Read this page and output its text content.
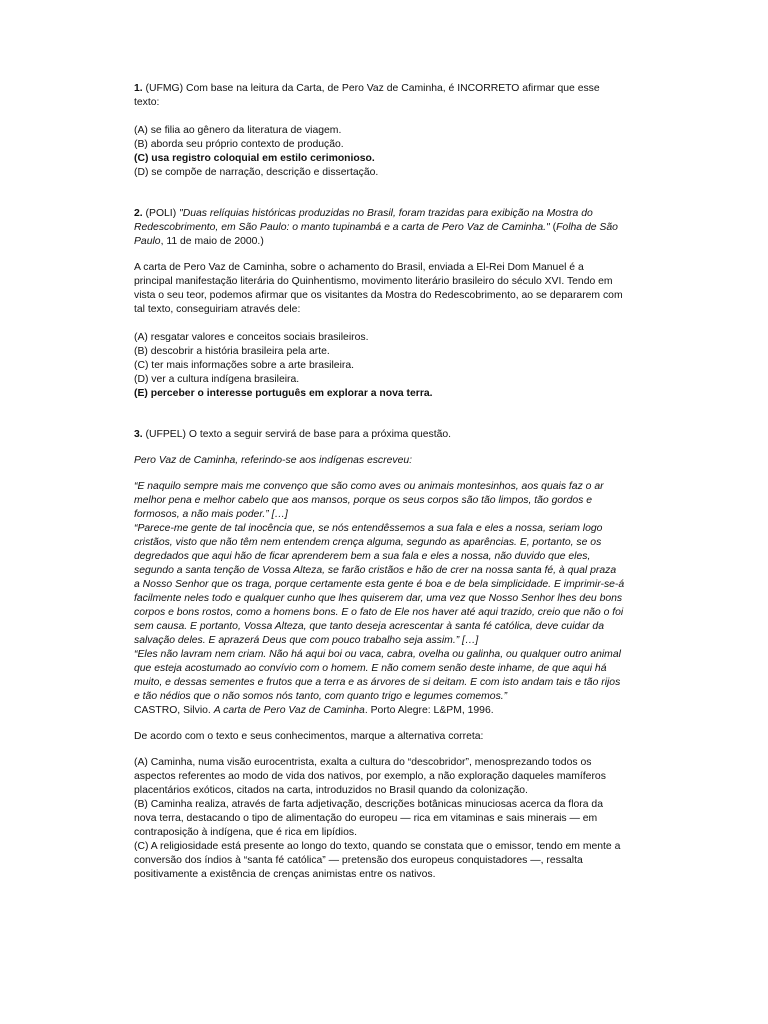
1. (UFMG) Com base na leitura da Carta, de Pero Vaz de Caminha, é INCORRETO afirmar que esse

texto:

(A) se filia ao gênero da literatura de viagem.

(B) aborda seu próprio contexto de produção.

(C) usa registro coloquial em estilo cerimonioso.

(D) se compõe de narração, descrição e dissertação.

2. (POLI) "Duas relíquias históricas produzidas no Brasil, foram trazidas para exibição na Mostra do

Redescobrimento, em São Paulo: o manto tupinambá e a carta de Pero Vaz de Caminha." (Folha de São

Paulo, 11 de maio de 2000.)

A carta de Pero Vaz de Caminha, sobre o achamento do Brasil, enviada a El-Rei Dom Manuel é a

principal manifestação literária do Quinhentismo, movimento literário brasileiro do século XVI. Tendo em

vista o seu teor, podemos afirmar que os visitantes da Mostra do Redescobrimento, ao se depararem com

tal texto, conseguiriam através dele:

(A) resgatar valores e conceitos sociais brasileiros.

(B) descobrir a história brasileira pela arte.

(C) ter mais informações sobre a arte brasileira.

(D) ver a cultura indígena brasileira.

(E) perceber o interesse português em explorar a nova terra.

3. (UFPEL) O texto a seguir servirá de base para a próxima questão.

Pero Vaz de Caminha, referindo-se aos indígenas escreveu:

“E naquilo sempre mais me convenço que são como aves ou animais montesinhos, aos quais faz o ar

melhor pena e melhor cabelo que aos mansos, porque os seus corpos são tão limpos, tão gordos e

formosos, a não mais poder.” […]

“Parece-me gente de tal inocência que, se nós entendêssemos a sua fala e eles a nossa, seriam logo

cristãos, visto que não têm nem entendem crença alguma, segundo as aparências. E, portanto, se os

degredados que aqui hão de ficar aprenderem bem a sua fala e eles a nossa, não duvido que eles,

segundo a santa tenção de Vossa Alteza, se farão cristãos e hão de crer na nossa santa fé, à qual praza

a Nosso Senhor que os traga, porque certamente esta gente é boa e de bela simplicidade. E imprimir-se-á

facilmente neles todo e qualquer cunho que lhes quiserem dar, uma vez que Nosso Senhor lhes deu bons

corpos e bons rostos, como a homens bons. E o fato de Ele nos haver até aqui trazido, creio que não o foi

sem causa. E portanto, Vossa Alteza, que tanto deseja acrescentar à santa fé católica, deve cuidar da

salvação deles. E aprazerá Deus que com pouco trabalho seja assim.” […]

“Eles não lavram nem criam. Não há aqui boi ou vaca, cabra, ovelha ou galinha, ou qualquer outro animal

que esteja acostumado ao convívio com o homem. E não comem senão deste inhame, de que aqui há

muito, e dessas sementes e frutos que a terra e as árvores de si deitam. E com isto andam tais e tão rijos

e tão nédios que o não somos nós tanto, com quanto trigo e legumes comemos.”

CASTRO, Silvio. A carta de Pero Vaz de Caminha. Porto Alegre: L&PM, 1996.

De acordo com o texto e seus conhecimentos, marque a alternativa correta:

(A) Caminha, numa visão eurocentrista, exalta a cultura do “descobridor”, menosprezando todos os

aspectos referentes ao modo de vida dos nativos, por exemplo, a não exploração daqueles mamíferos

placentários exóticos, citados na carta, introduzidos no Brasil quando da colonização.

(B) Caminha realiza, através de farta adjetivação, descrições botânicas minuciosas acerca da flora da

nova terra, destacando o tipo de alimentação do europeu — rica em vitaminas e sais minerais — em

contraposição à indígena, que é rica em lipídios.

(C) A religiosidade está presente ao longo do texto, quando se constata que o emissor, tendo em mente a

conversão dos índios à “santa fé católica” — pretensão dos europeus conquistadores —, ressalta

positivamente a existência de crenças animistas entre os nativos.
